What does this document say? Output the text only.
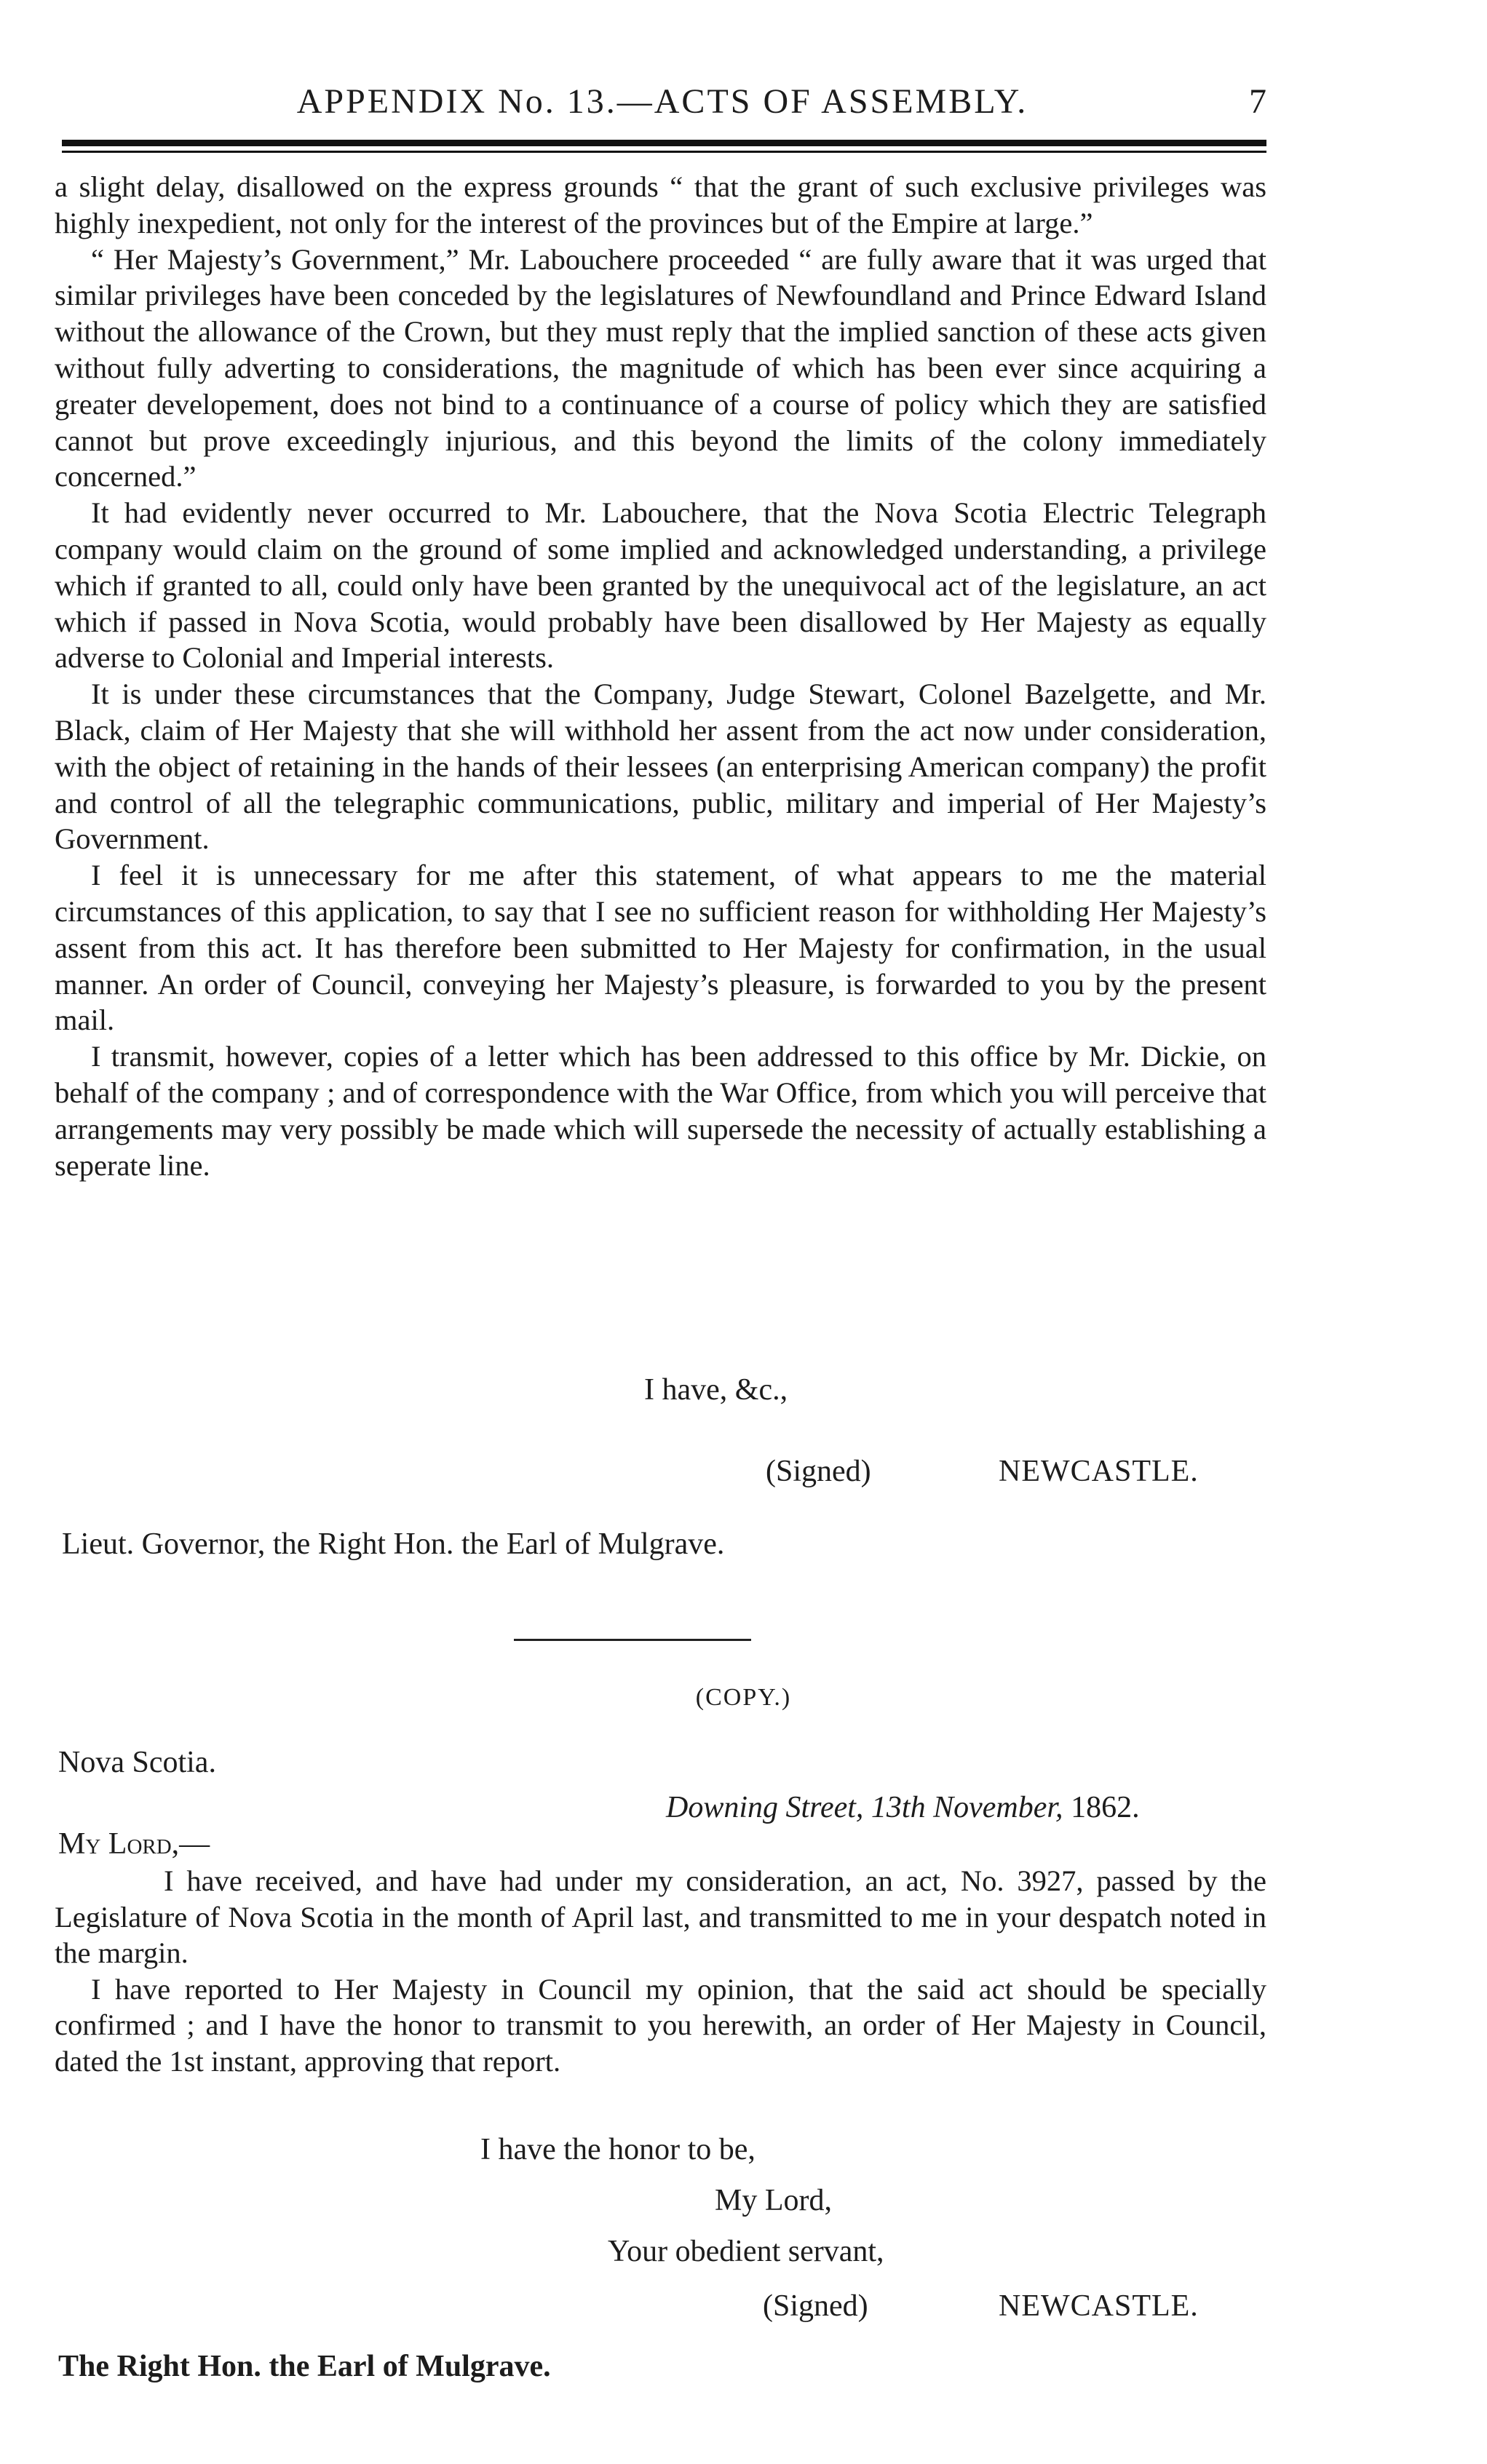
APPENDIX No. 13.—ACTS OF ASSEMBLY.	7

a slight delay, disallowed on the express grounds “ that the grant of such exclusive privileges was highly inexpedient, not only for the interest of the provinces but of the Empire at large.”

“ Her Majesty’s Government,” Mr. Labouchere proceeded “ are fully aware that it was urged that similar privileges have been conceded by the legislatures of Newfoundland and Prince Edward Island without the allowance of the Crown, but they must reply that the implied sanction of these acts given without fully adverting to considerations, the magnitude of which has been ever since acquiring a greater developement, does not bind to a continuance of a course of policy which they are satisfied cannot but prove exceedingly injurious, and this beyond the limits of the colony immediately concerned.”

It had evidently never occurred to Mr. Labouchere, that the Nova Scotia Electric Telegraph company would claim on the ground of some implied and acknowledged understanding, a privilege which if granted to all, could only have been granted by the unequivocal act of the legislature, an act which if passed in Nova Scotia, would probably have been disallowed by Her Majesty as equally adverse to Colonial and Imperial interests.

It is under these circumstances that the Company, Judge Stewart, Colonel Bazelgette, and Mr. Black, claim of Her Majesty that she will withhold her assent from the act now under consideration, with the object of retaining in the hands of their lessees (an enterprising American company) the profit and control of all the telegraphic communications, public, military and imperial of Her Majesty’s Government.

I feel it is unnecessary for me after this statement, of what appears to me the material circumstances of this application, to say that I see no sufficient reason for withholding Her Majesty’s assent from this act. It has therefore been submitted to Her Majesty for confirmation, in the usual manner. An order of Council, conveying her Majesty’s pleasure, is forwarded to you by the present mail.

I transmit, however, copies of a letter which has been addressed to this office by Mr. Dickie, on behalf of the company ; and of correspondence with the War Office, from which you will perceive that arrangements may very possibly be made which will supersede the necessity of actually establishing a seperate line.

I have, &c.,
(Signed)	NEWCASTLE.
Lieut. Governor, the Right Hon. the Earl of Mulgrave.
(COPY.)
Nova Scotia.
Downing Street, 13th November, 1862.
My Lord,—

I have received, and have had under my consideration, an act, No. 3927, passed by the Legislature of Nova Scotia in the month of April last, and transmitted to me in your despatch noted in the margin.

I have reported to Her Majesty in Council my opinion, that the said act should be specially confirmed ; and I have the honor to transmit to you herewith, an order of Her Majesty in Council, dated the 1st instant, approving that report.

I have the honor to be,
My Lord,
Your obedient servant,
(Signed)	NEWCASTLE.
The Right Hon. the Earl of Mulgrave.
